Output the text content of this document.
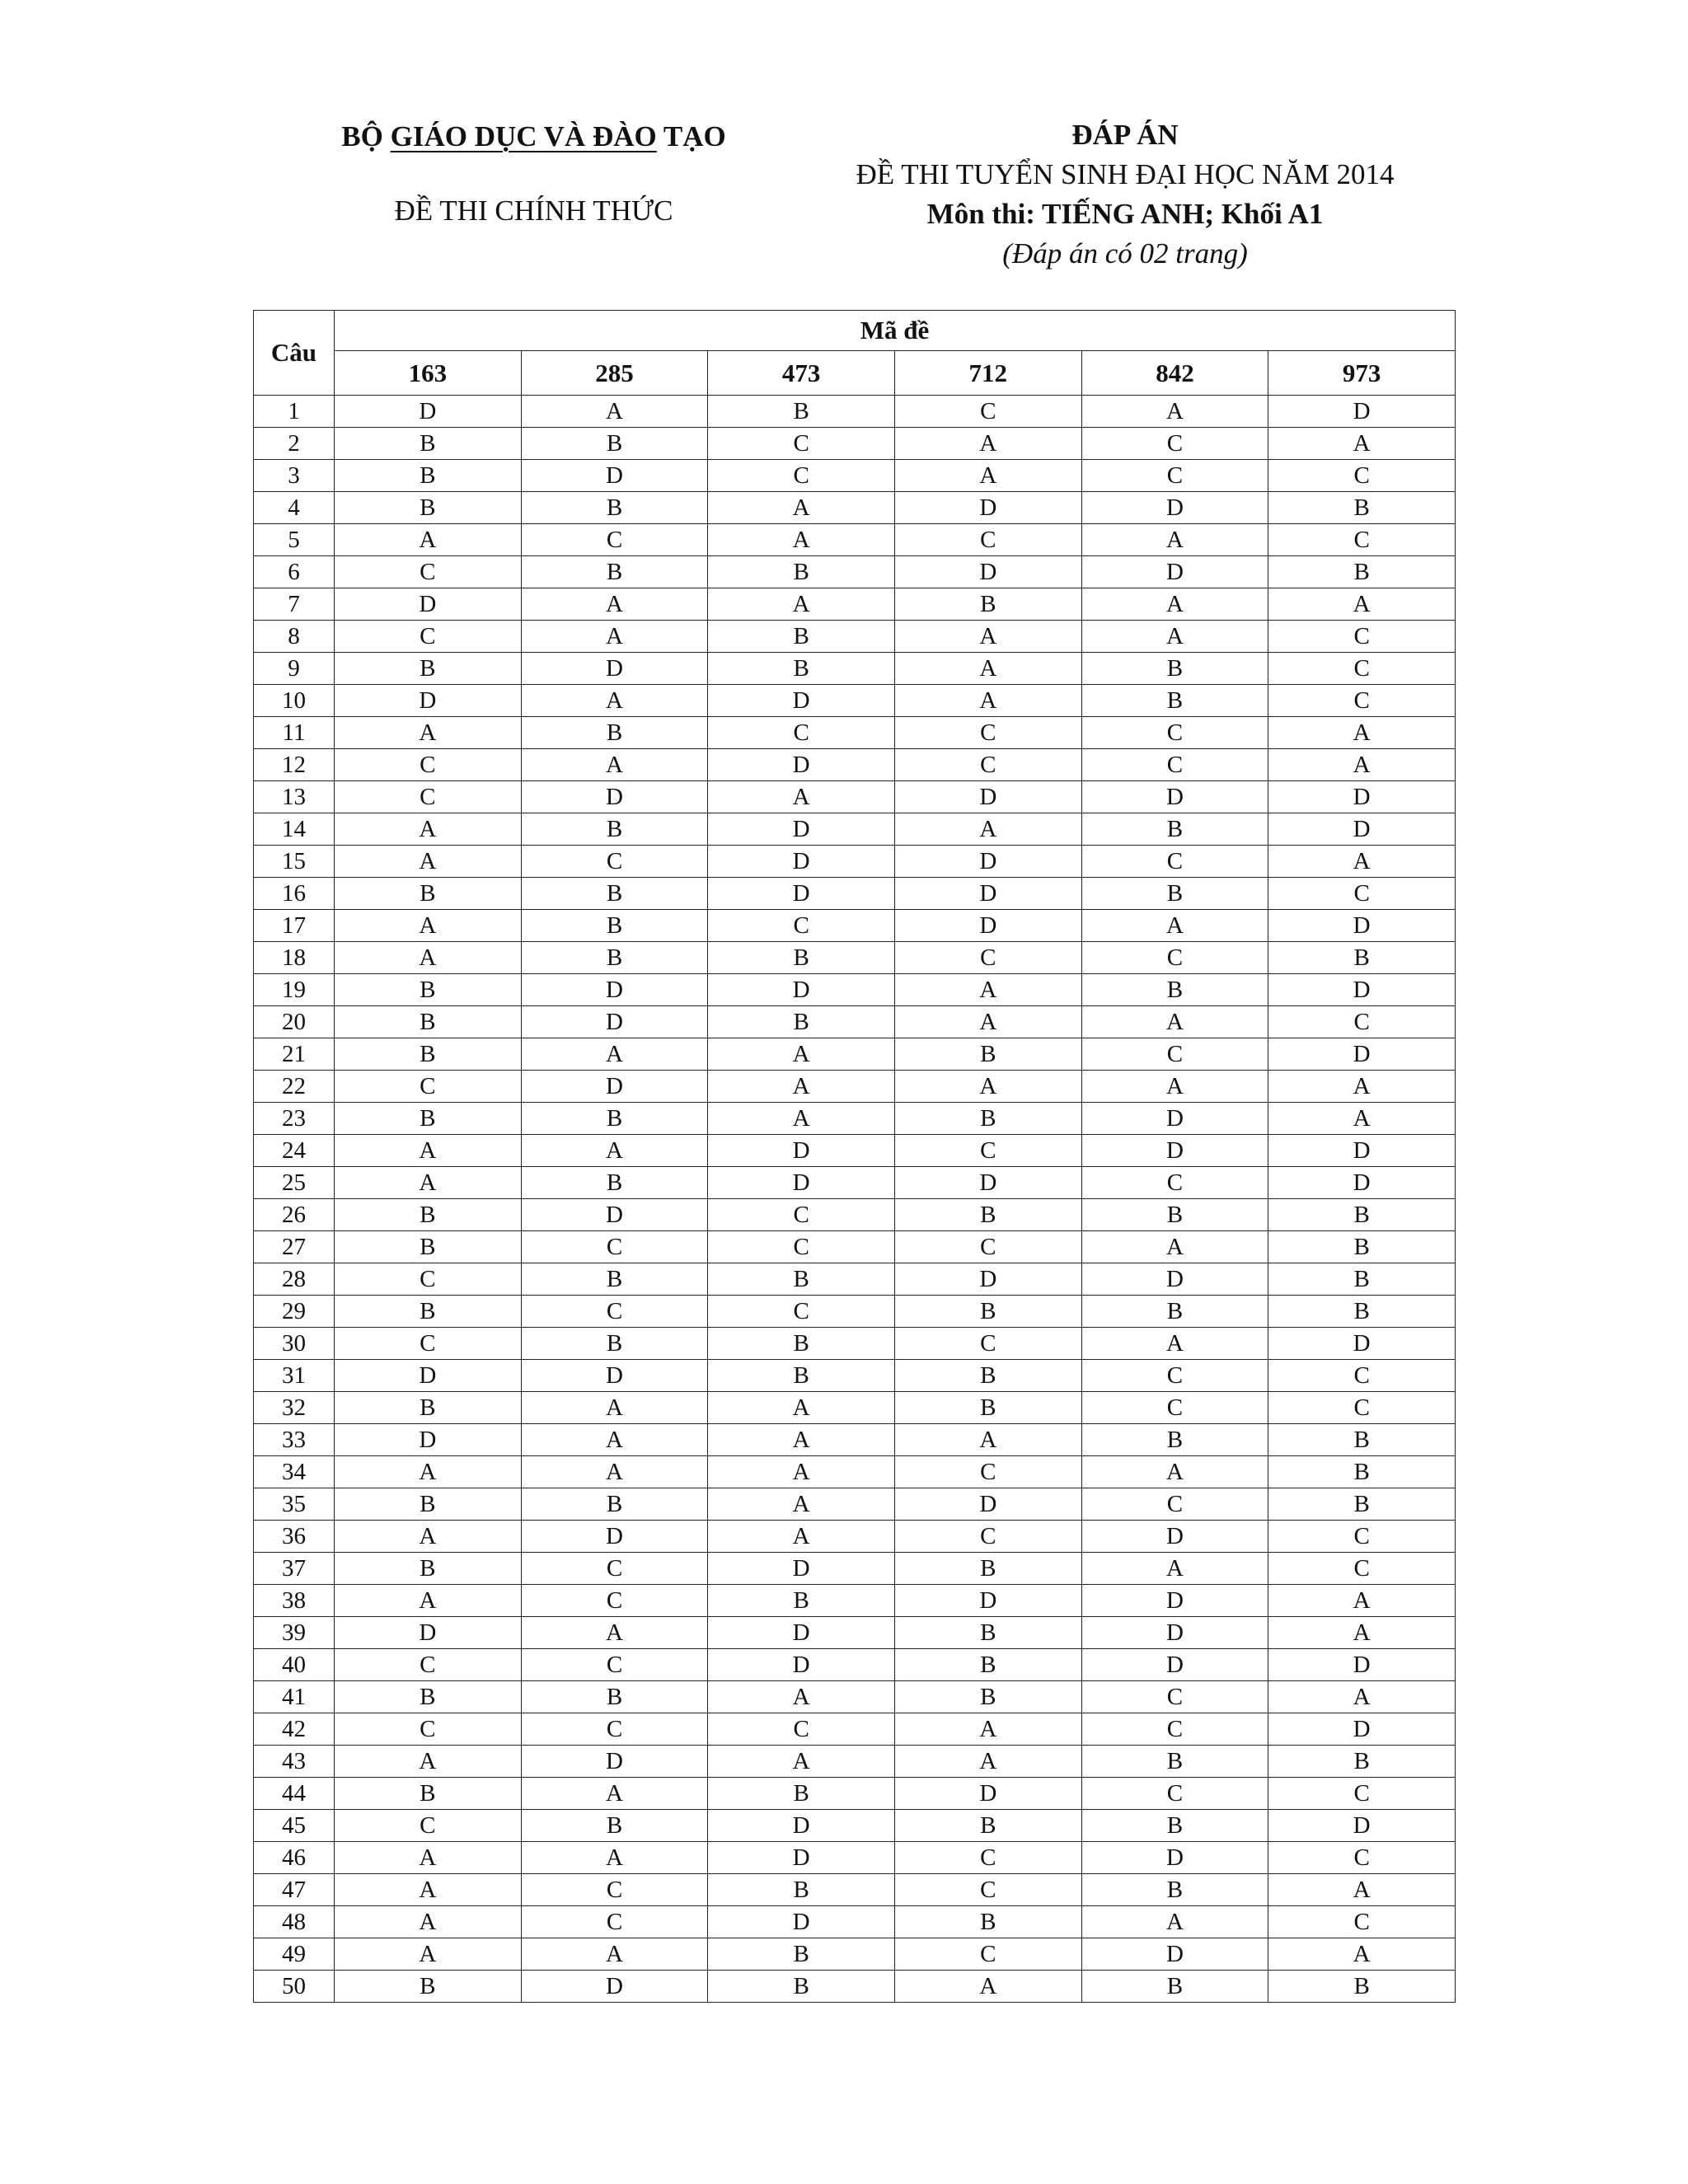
BỘ GIÁO DỤC VÀ ĐÀO TẠO
ĐỀ THI CHÍNH THỨC
ĐÁP ÁN
ĐỀ THI TUYỂN SINH ĐẠI HỌC NĂM 2014
Môn thi: TIẾNG ANH; Khối A1
(Đáp án có 02 trang)
Câu	Mã đề					
	163	285	473	712	842	973
1	D	A	B	C	A	D
2	B	B	C	A	C	A
3	B	D	C	A	C	C
4	B	B	A	D	D	B
5	A	C	A	C	A	C
6	C	B	B	D	D	B
7	D	A	A	B	A	A
8	C	A	B	A	A	C
9	B	D	B	A	B	C
10	D	A	D	A	B	C
11	A	B	C	C	C	A
12	C	A	D	C	C	A
13	C	D	A	D	D	D
14	A	B	D	A	B	D
15	A	C	D	D	C	A
16	B	B	D	D	B	C
17	A	B	C	D	A	D
18	A	B	B	C	C	B
19	B	D	D	A	B	D
20	B	D	B	A	A	C
21	B	A	A	B	C	D
22	C	D	A	A	A	A
23	B	B	A	B	D	A
24	A	A	D	C	D	D
25	A	B	D	D	C	D
26	B	D	C	B	B	B
27	B	C	C	C	A	B
28	C	B	B	D	D	B
29	B	C	C	B	B	B
30	C	B	B	C	A	D
31	D	D	B	B	C	C
32	B	A	A	B	C	C
33	D	A	A	A	B	B
34	A	A	A	C	A	B
35	B	B	A	D	C	B
36	A	D	A	C	D	C
37	B	C	D	B	A	C
38	A	C	B	D	D	A
39	D	A	D	B	D	A
40	C	C	D	B	D	D
41	B	B	A	B	C	A
42	C	C	C	A	C	D
43	A	D	A	A	B	B
44	B	A	B	D	C	C
45	C	B	D	B	B	D
46	A	A	D	C	D	C
47	A	C	B	C	B	A
48	A	C	D	B	A	C
49	A	A	B	C	D	A
50	B	D	B	A	B	B
